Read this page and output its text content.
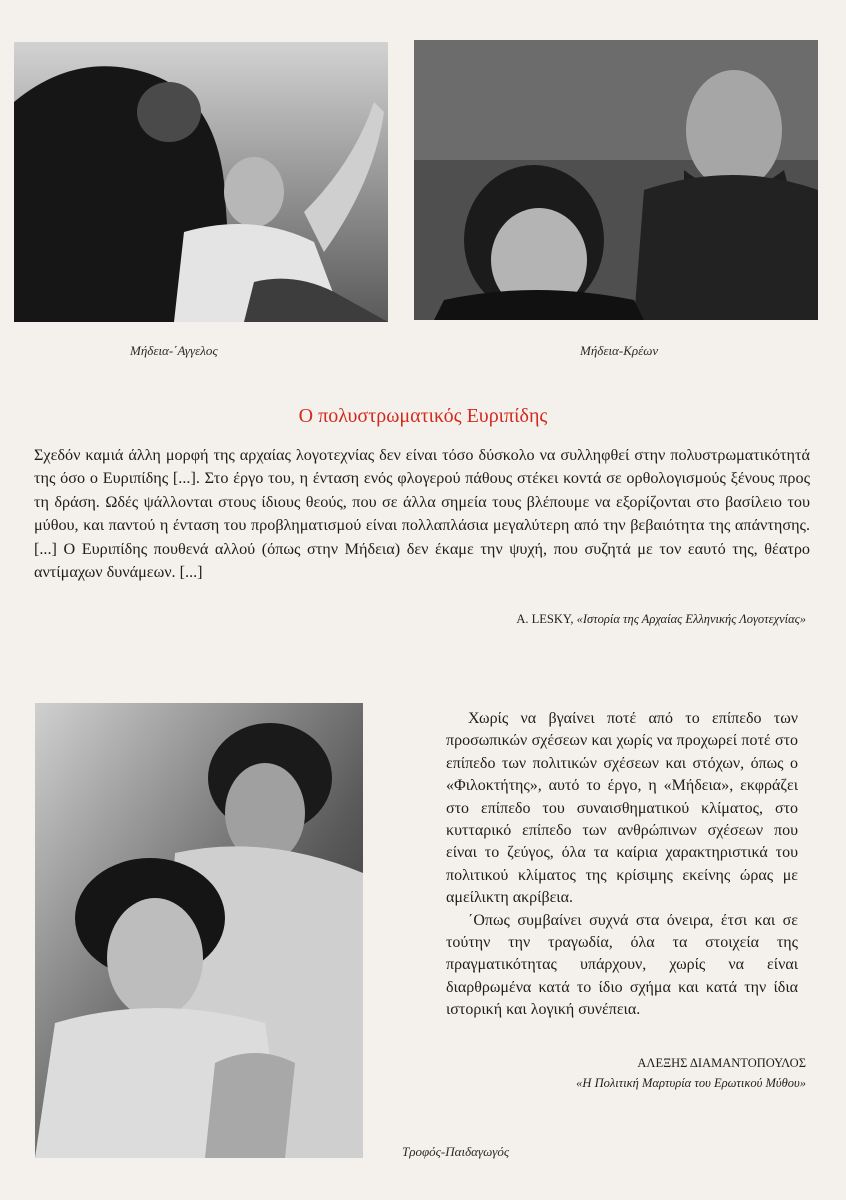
Μήδεια-΄Αγγελος	Μήδεια-Κρέων
Ο πολυστρωματικός Ευριπίδης

Σχεδόν καμιά άλλη μορφή της αρχαίας λογοτεχνίας δεν είναι τόσο δύσκολο να συλληφθεί στην πολυστρωματικότητά της όσο ο Ευριπίδης [...]. Στο έργο του, η ένταση ενός φλογερού πάθους στέκει κοντά σε ορθολογισμούς ξένους προς τη δράση. Ωδές ψάλλονται στους ίδιους θεούς, που σε άλλα σημεία τους βλέπουμε να εξορίζονται στο βασίλειο του μύθου, και παντού η ένταση του προβληματισμού είναι πολλαπλάσια μεγαλύτερη από την βεβαιότητα της απάντησης. [...] Ο Ευριπίδης πουθενά αλλού (όπως στην Μήδεια) δεν έκαμε την ψυχή, που συζητά με τον εαυτό της, θέατρο αντίμαχων δυνάμεων. [...]

A. LESKY, «Ιστορία της Αρχαίας Ελληνικής Λογοτεχνίας»
Τροφός-Παιδαγωγός

Χωρίς να βγαίνει ποτέ από το επίπεδο των προσωπικών σχέσεων και χωρίς να προχωρεί ποτέ στο επίπεδο των πολιτικών σχέσεων και στόχων, όπως ο «Φιλοκτήτης», αυτό το έργο, η «Μήδεια», εκφράζει στο επίπεδο του συναισθηματικού κλίματος, στο κυτταρικό επίπεδο των ανθρώπινων σχέσεων που είναι το ζεύγος, όλα τα καίρια χαρακτηριστικά του πολιτικού κλίματος της κρίσιμης εκείνης ώρας με αμείλικτη ακρίβεια.

΄Οπως συμβαίνει συχνά στα όνειρα, έτσι και σε τούτην την τραγωδία, όλα τα στοιχεία της πραγματικότητας υπάρχουν, χωρίς να είναι διαρθρωμένα κατά το ίδιο σχήμα και κατά την ίδια ιστορική και λογική συνέπεια.

ΑΛΕΞΗΣ ΔΙΑΜΑΝΤΟΠΟΥΛΟΣ
«Η Πολιτική Μαρτυρία του Ερωτικού Μύθου»
